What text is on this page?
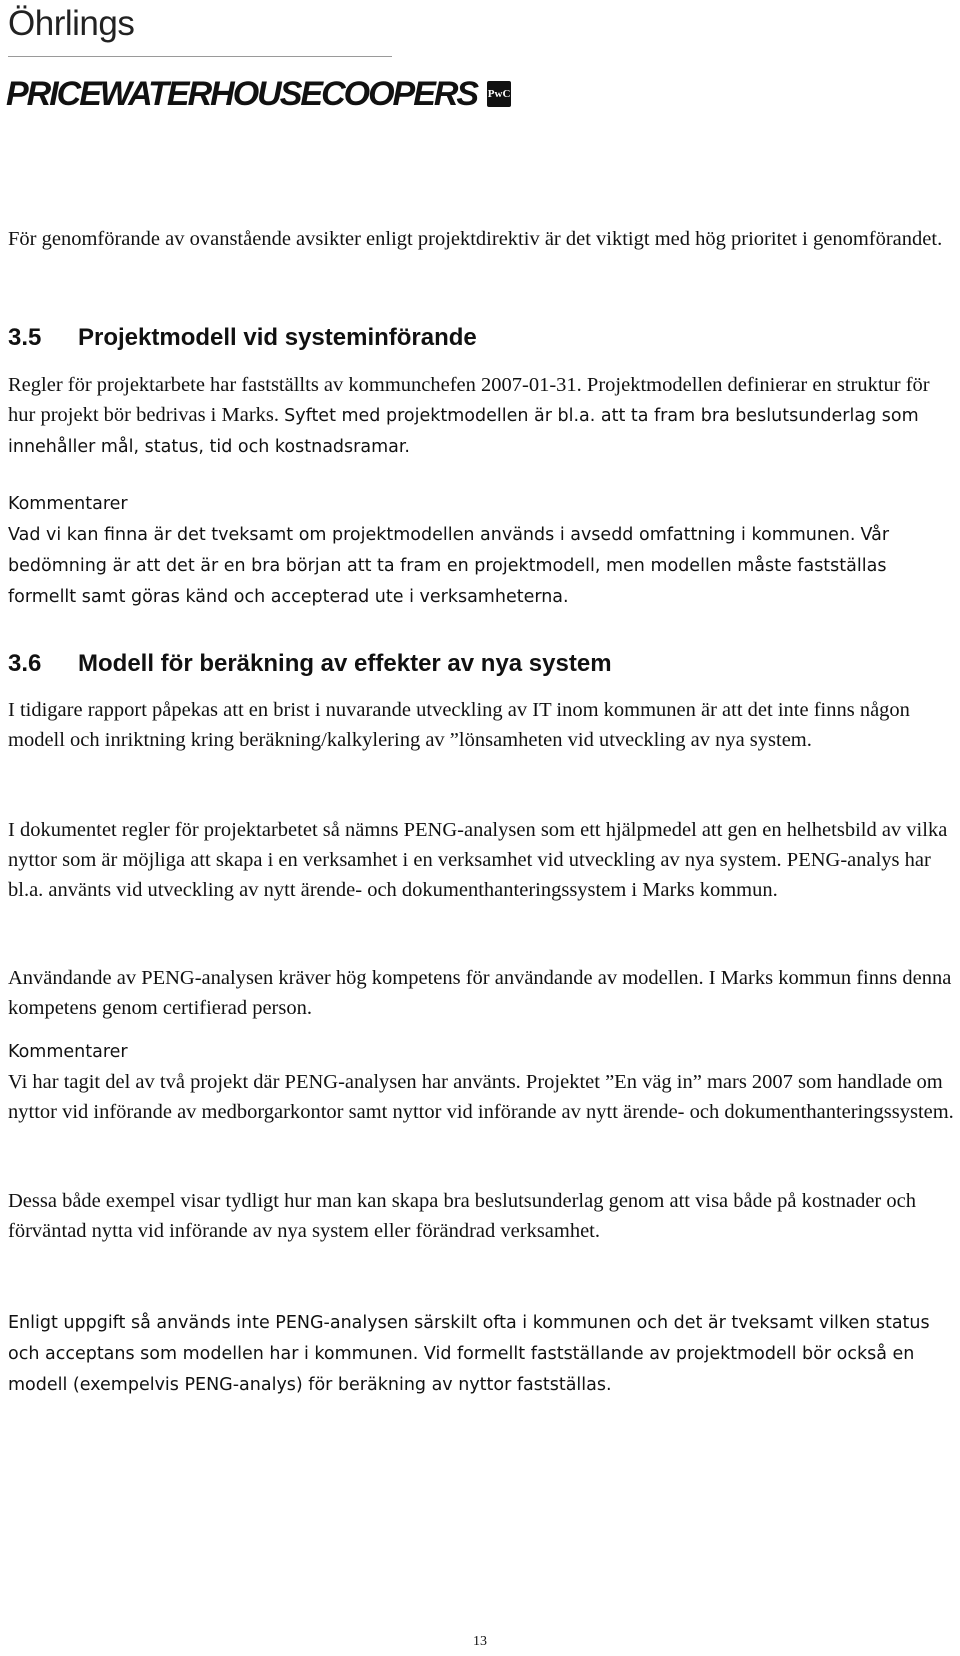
Öhrlings
PRICEWATERHOUSECOOPERS PwC
För genomförande av ovanstående avsikter enligt projektdirektiv är det viktigt med hög prioritet i genomförandet.
3.5 Projektmodell vid systeminförande
Regler för projektarbete har fastställts av kommunchefen 2007-01-31. Projektmodellen definierar en struktur för hur projekt bör bedrivas i Marks. Syftet med projektmodellen är bl.a. att ta fram bra beslutsunderlag som innehåller mål, status, tid och kostnadsramar.
Kommentarer
Vad vi kan finna är det tveksamt om projektmodellen används i avsedd omfattning i kommunen. Vår bedömning är att det är en bra början att ta fram en projektmodell, men modellen måste fastställas formellt samt göras känd och accepterad ute i verksamheterna.
3.6 Modell för beräkning av effekter av nya system
I tidigare rapport påpekas att en brist i nuvarande utveckling av IT inom kommunen är att det inte finns någon modell och inriktning kring beräkning/kalkylering av ”lönsamheten vid utveckling av nya system.
I dokumentet regler för projektarbetet så nämns PENG-analysen som ett hjälpmedel att gen en helhetsbild av vilka nyttor som är möjliga att skapa i en verksamhet i en verksamhet vid utveckling av nya system. PENG-analys har bl.a. använts vid utveckling av nytt ärende- och dokumenthanteringssystem i Marks kommun.
Användande av PENG-analysen kräver hög kompetens för användande av modellen. I Marks kommun finns denna kompetens genom certifierad person.
Kommentarer
Vi har tagit del av två projekt där PENG-analysen har använts. Projektet ”En väg in” mars 2007 som handlade om nyttor vid införande av medborgarkontor samt nyttor vid införande av nytt ärende- och dokumenthanteringssystem.
Dessa både exempel visar tydligt hur man kan skapa bra beslutsunderlag genom att visa både på kostnader och förväntad nytta vid införande av nya system eller förändrad verksamhet.
Enligt uppgift så används inte PENG-analysen särskilt ofta i kommunen och det är tveksamt vilken status och acceptans som modellen har i kommunen. Vid formellt fastställande av projektmodell bör också en modell (exempelvis PENG-analys) för beräkning av nyttor fastställas.
13
